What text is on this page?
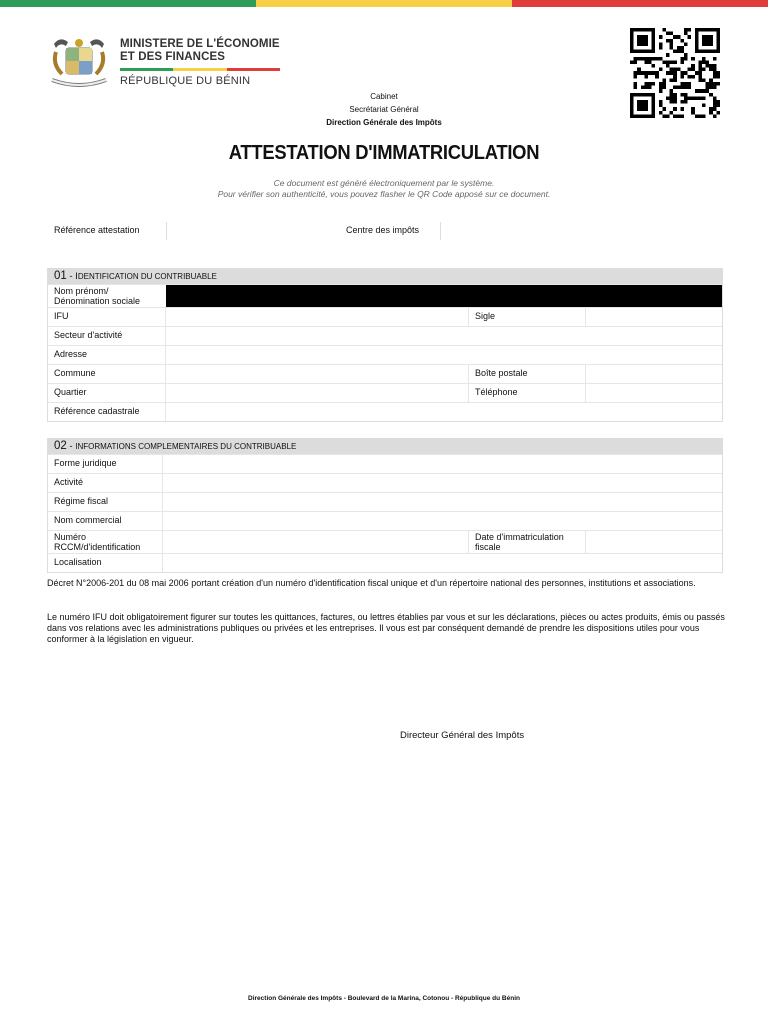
MINISTERE DE L'ÉCONOMIE
ET DES FINANCES
RÉPUBLIQUE DU BÉNIN
Cabinet
Secrétariat Général
Direction Générale des Impôts
ATTESTATION D'IMMATRICULATION
Ce document est généré électroniquement par le système.
Pour vérifier son authenticité, vous pouvez flasher le QR Code apposé sur ce document.
Référence attestation	Centre des impôts
01 - IDENTIFICATION DU CONTRIBUABLE
Nom prénom/
Dénomination sociale
IFU	Sigle
Secteur d'activité
Adresse
Commune	Boîte postale
Quartier	Téléphone
Référence cadastrale
02 - INFORMATIONS COMPLEMENTAIRES DU CONTRIBUABLE
Forme juridique
Activité
Régime fiscal
Nom commercial
Numéro
RCCM/d'identification
Date d'immatriculation
fiscale
Localisation
Décret N°2006-201 du 08 mai 2006 portant création d'un numéro d'identification fiscal unique et d'un répertoire national des personnes, institutions et associations.
Le numéro IFU doit obligatoirement figurer sur toutes les quittances, factures, ou lettres établies par vous et sur les déclarations, pièces ou actes produits, émis ou passés dans vos relations avec les administrations publiques ou privées et les entreprises. Il vous est par conséquent demandé de prendre les dispositions utiles pour vous conformer à la législation en vigueur.
Directeur Général des Impôts
Direction Générale des Impôts - Boulevard de la Marina, Cotonou - République du Bénin
